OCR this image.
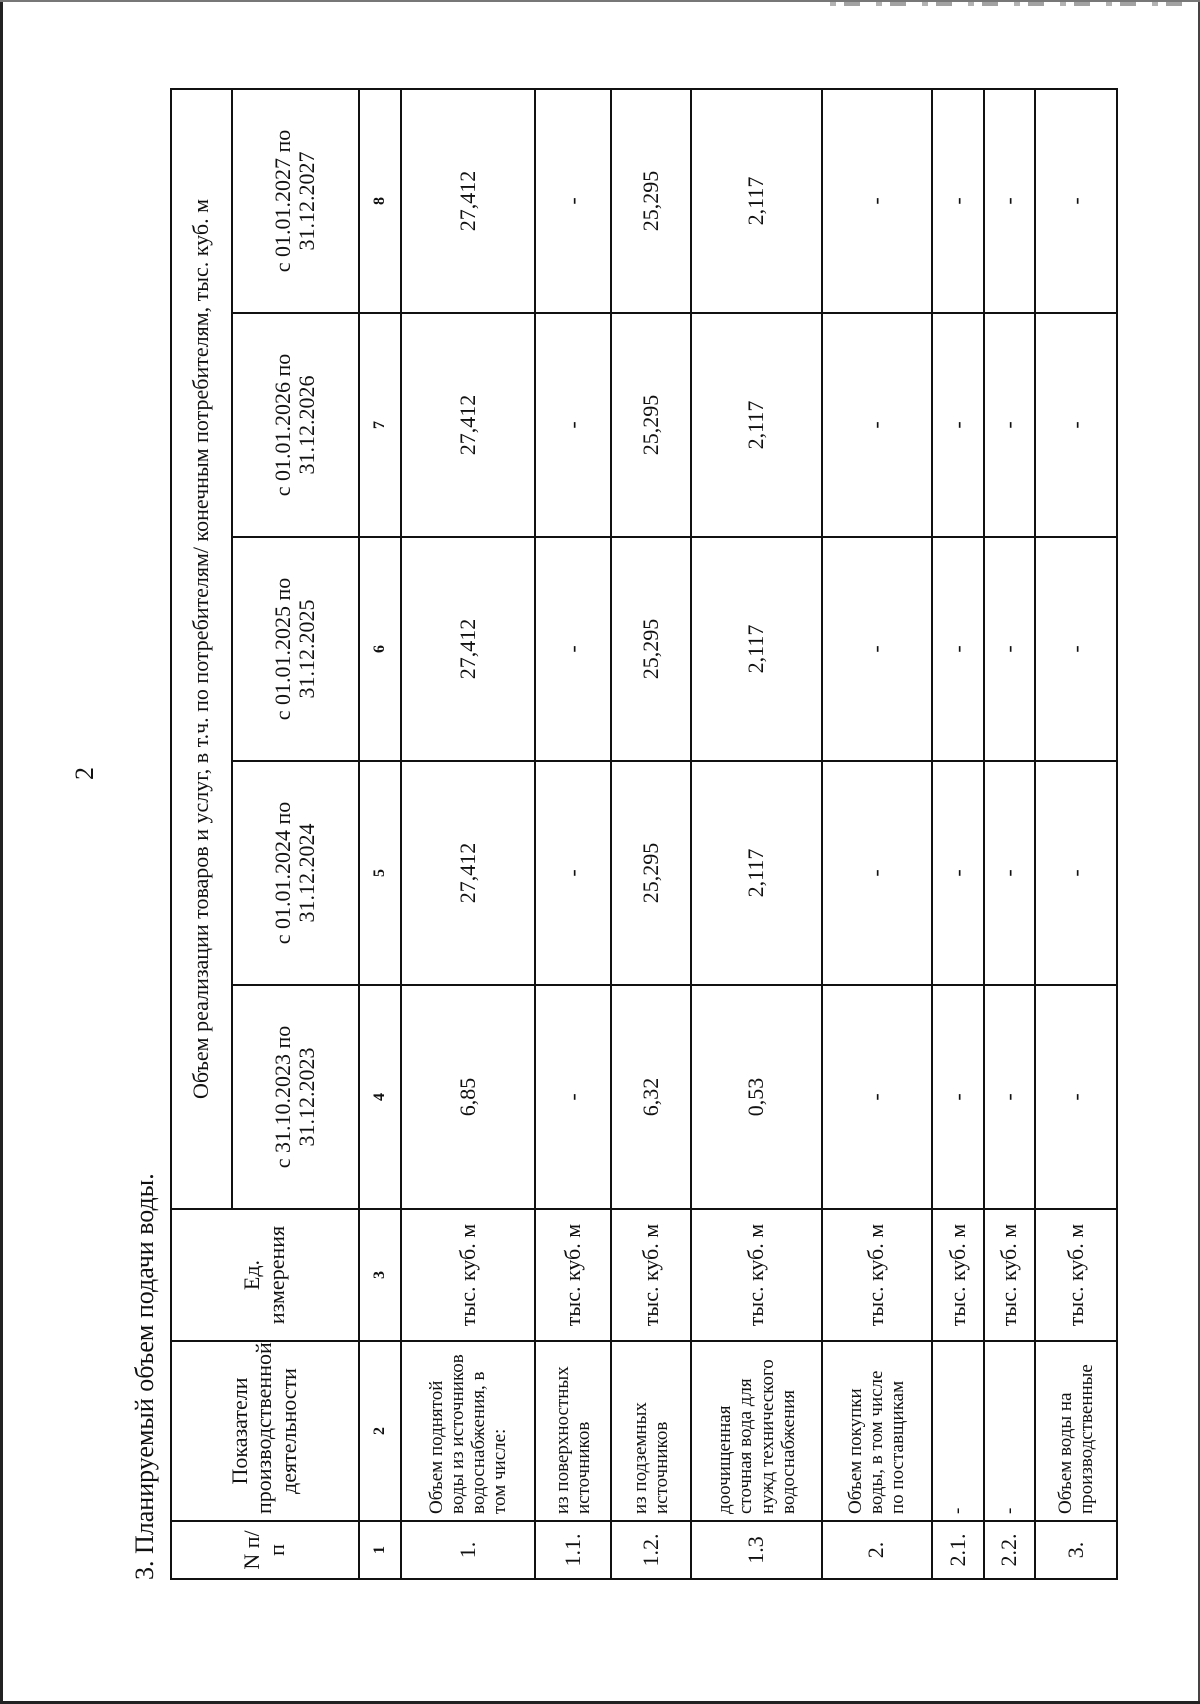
2
3. Планируемый объем подачи воды.	N п/п	Показатели производственной деятельности	Ед. измерения	Объем реализации товаров и услуг, в т.ч. по потребителям/ конечным потребителям, тыс. куб. м				
			с 31.10.2023 по 31.12.2023	с 01.01.2024 по 31.12.2024	с 01.01.2025 по 31.12.2025	с 01.01.2026 по 31.12.2026	с 01.01.2027 по 31.12.2027
1	2	3	4	5	6	7	8
1.	Объем поднятой воды из источников водоснабжения, в том числе:	тыс. куб. м	6,85	27,412	27,412	27,412	27,412
1.1.	из поверхностных источников	тыс. куб. м	-	-	-	-	-
1.2.	из подземных источников	тыс. куб. м	6,32	25,295	25,295	25,295	25,295
1.3	доочищенная сточная вода для нужд технического водоснабжения	тыс. куб. м	0,53	2,117	2,117	2,117	2,117
2.	Объем покупки воды, в том числе по поставщикам	тыс. куб. м	-	-	-	-	-
2.1.	-	тыс. куб. м	-	-	-	-	-
2.2.	-	тыс. куб. м	-	-	-	-	-
3.	Объем воды на производственные	тыс. куб. м	-	-	-	-	-
